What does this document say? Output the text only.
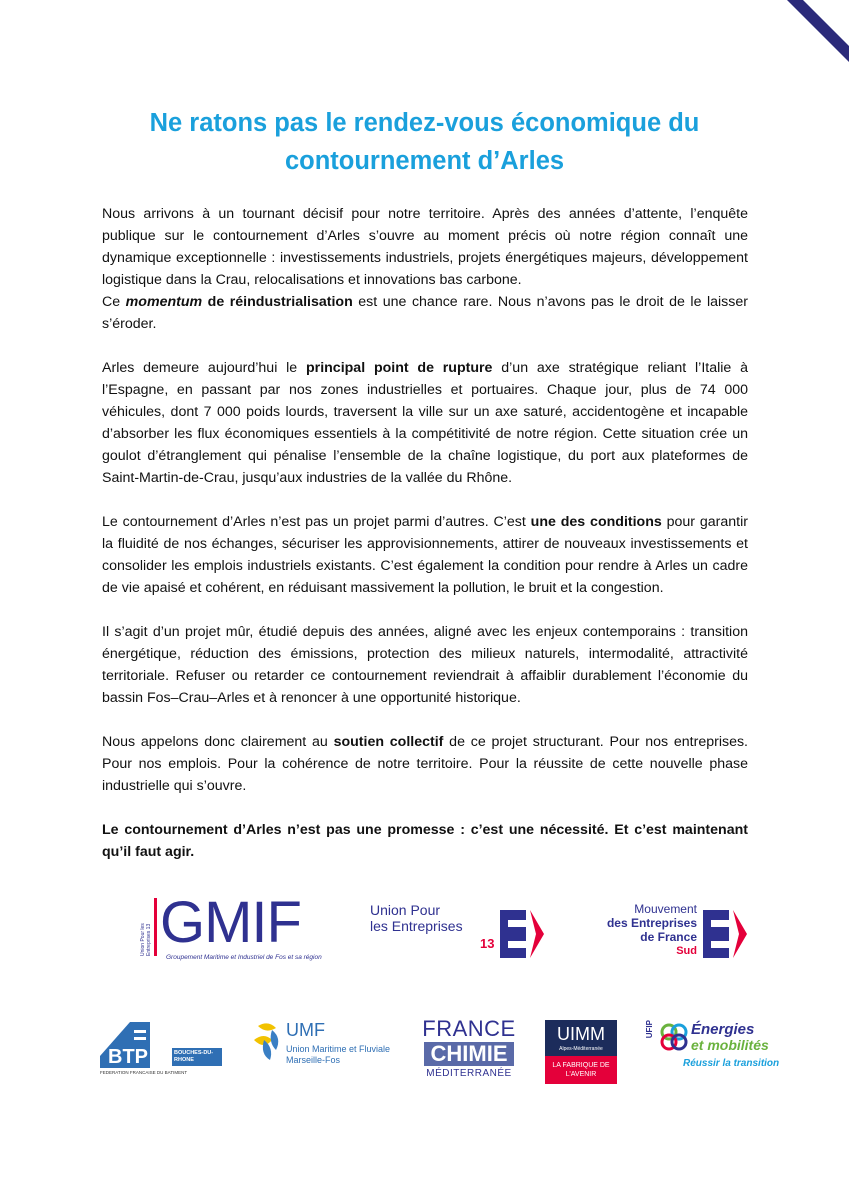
Ne ratons pas le rendez-vous économique du contournement d’Arles

Nous arrivons à un tournant décisif pour notre territoire. Après des années d’attente, l’enquête publique sur le contournement d’Arles s’ouvre au moment précis où notre région connaît une dynamique exceptionnelle : investissements industriels, projets énergétiques majeurs, développement logistique dans la Crau, relocalisations et innovations bas carbone.
Ce momentum de réindustrialisation est une chance rare. Nous n’avons pas le droit de le laisser s’éroder.

Arles demeure aujourd’hui le principal point de rupture d’un axe stratégique reliant l’Italie à l’Espagne, en passant par nos zones industrielles et portuaires. Chaque jour, plus de 74 000 véhicules, dont 7 000 poids lourds, traversent la ville sur un axe saturé, accidentogène et incapable d’absorber les flux économiques essentiels à la compétitivité de notre région. Cette situation crée un goulot d’étranglement qui pénalise l’ensemble de la chaîne logistique, du port aux plateformes de Saint-Martin-de-Crau, jusqu’aux industries de la vallée du Rhône.

Le contournement d’Arles n’est pas un projet parmi d’autres. C’est une des conditions pour garantir la fluidité de nos échanges, sécuriser les approvisionnements, attirer de nouveaux investissements et consolider les emplois industriels existants. C’est également la condition pour rendre à Arles un cadre de vie apaisé et cohérent, en réduisant massivement la pollution, le bruit et la congestion.

Il s’agit d’un projet mûr, étudié depuis des années, aligné avec les enjeux contemporains : transition énergétique, réduction des émissions, protection des milieux naturels, intermodalité, attractivité territoriale. Refuser ou retarder ce contournement reviendrait à affaiblir durablement l’économie du bassin Fos–Crau–Arles et à renoncer à une opportunité historique.

Nous appelons donc clairement au soutien collectif de ce projet structurant. Pour nos entreprises. Pour nos emplois. Pour la cohérence de notre territoire. Pour la réussite de cette nouvelle phase industrielle qui s’ouvre.

Le contournement d’Arles n’est pas une promesse : c’est une nécessité. Et c’est maintenant qu’il faut agir.

Union Pour les Entreprises 13 GMIF
Groupement Maritime et Industriel de Fos et sa région
Union Pour
les Entreprises
13
Mouvement
des Entreprises
de France
Sud
BTP	BOUCHES-DU-RHONE
FEDERATION FRANCAISE DU BATIMENT
UMF
Union Maritime et Fluviale
Marseille-Fos
FRANCE
CHIMIE
MÉDITERRANÉE
UIMM
Alpes-Méditerranée
LA FABRIQUE DE L’AVENIR
UFIP Énergies
et mobilités
Réussir la transition
